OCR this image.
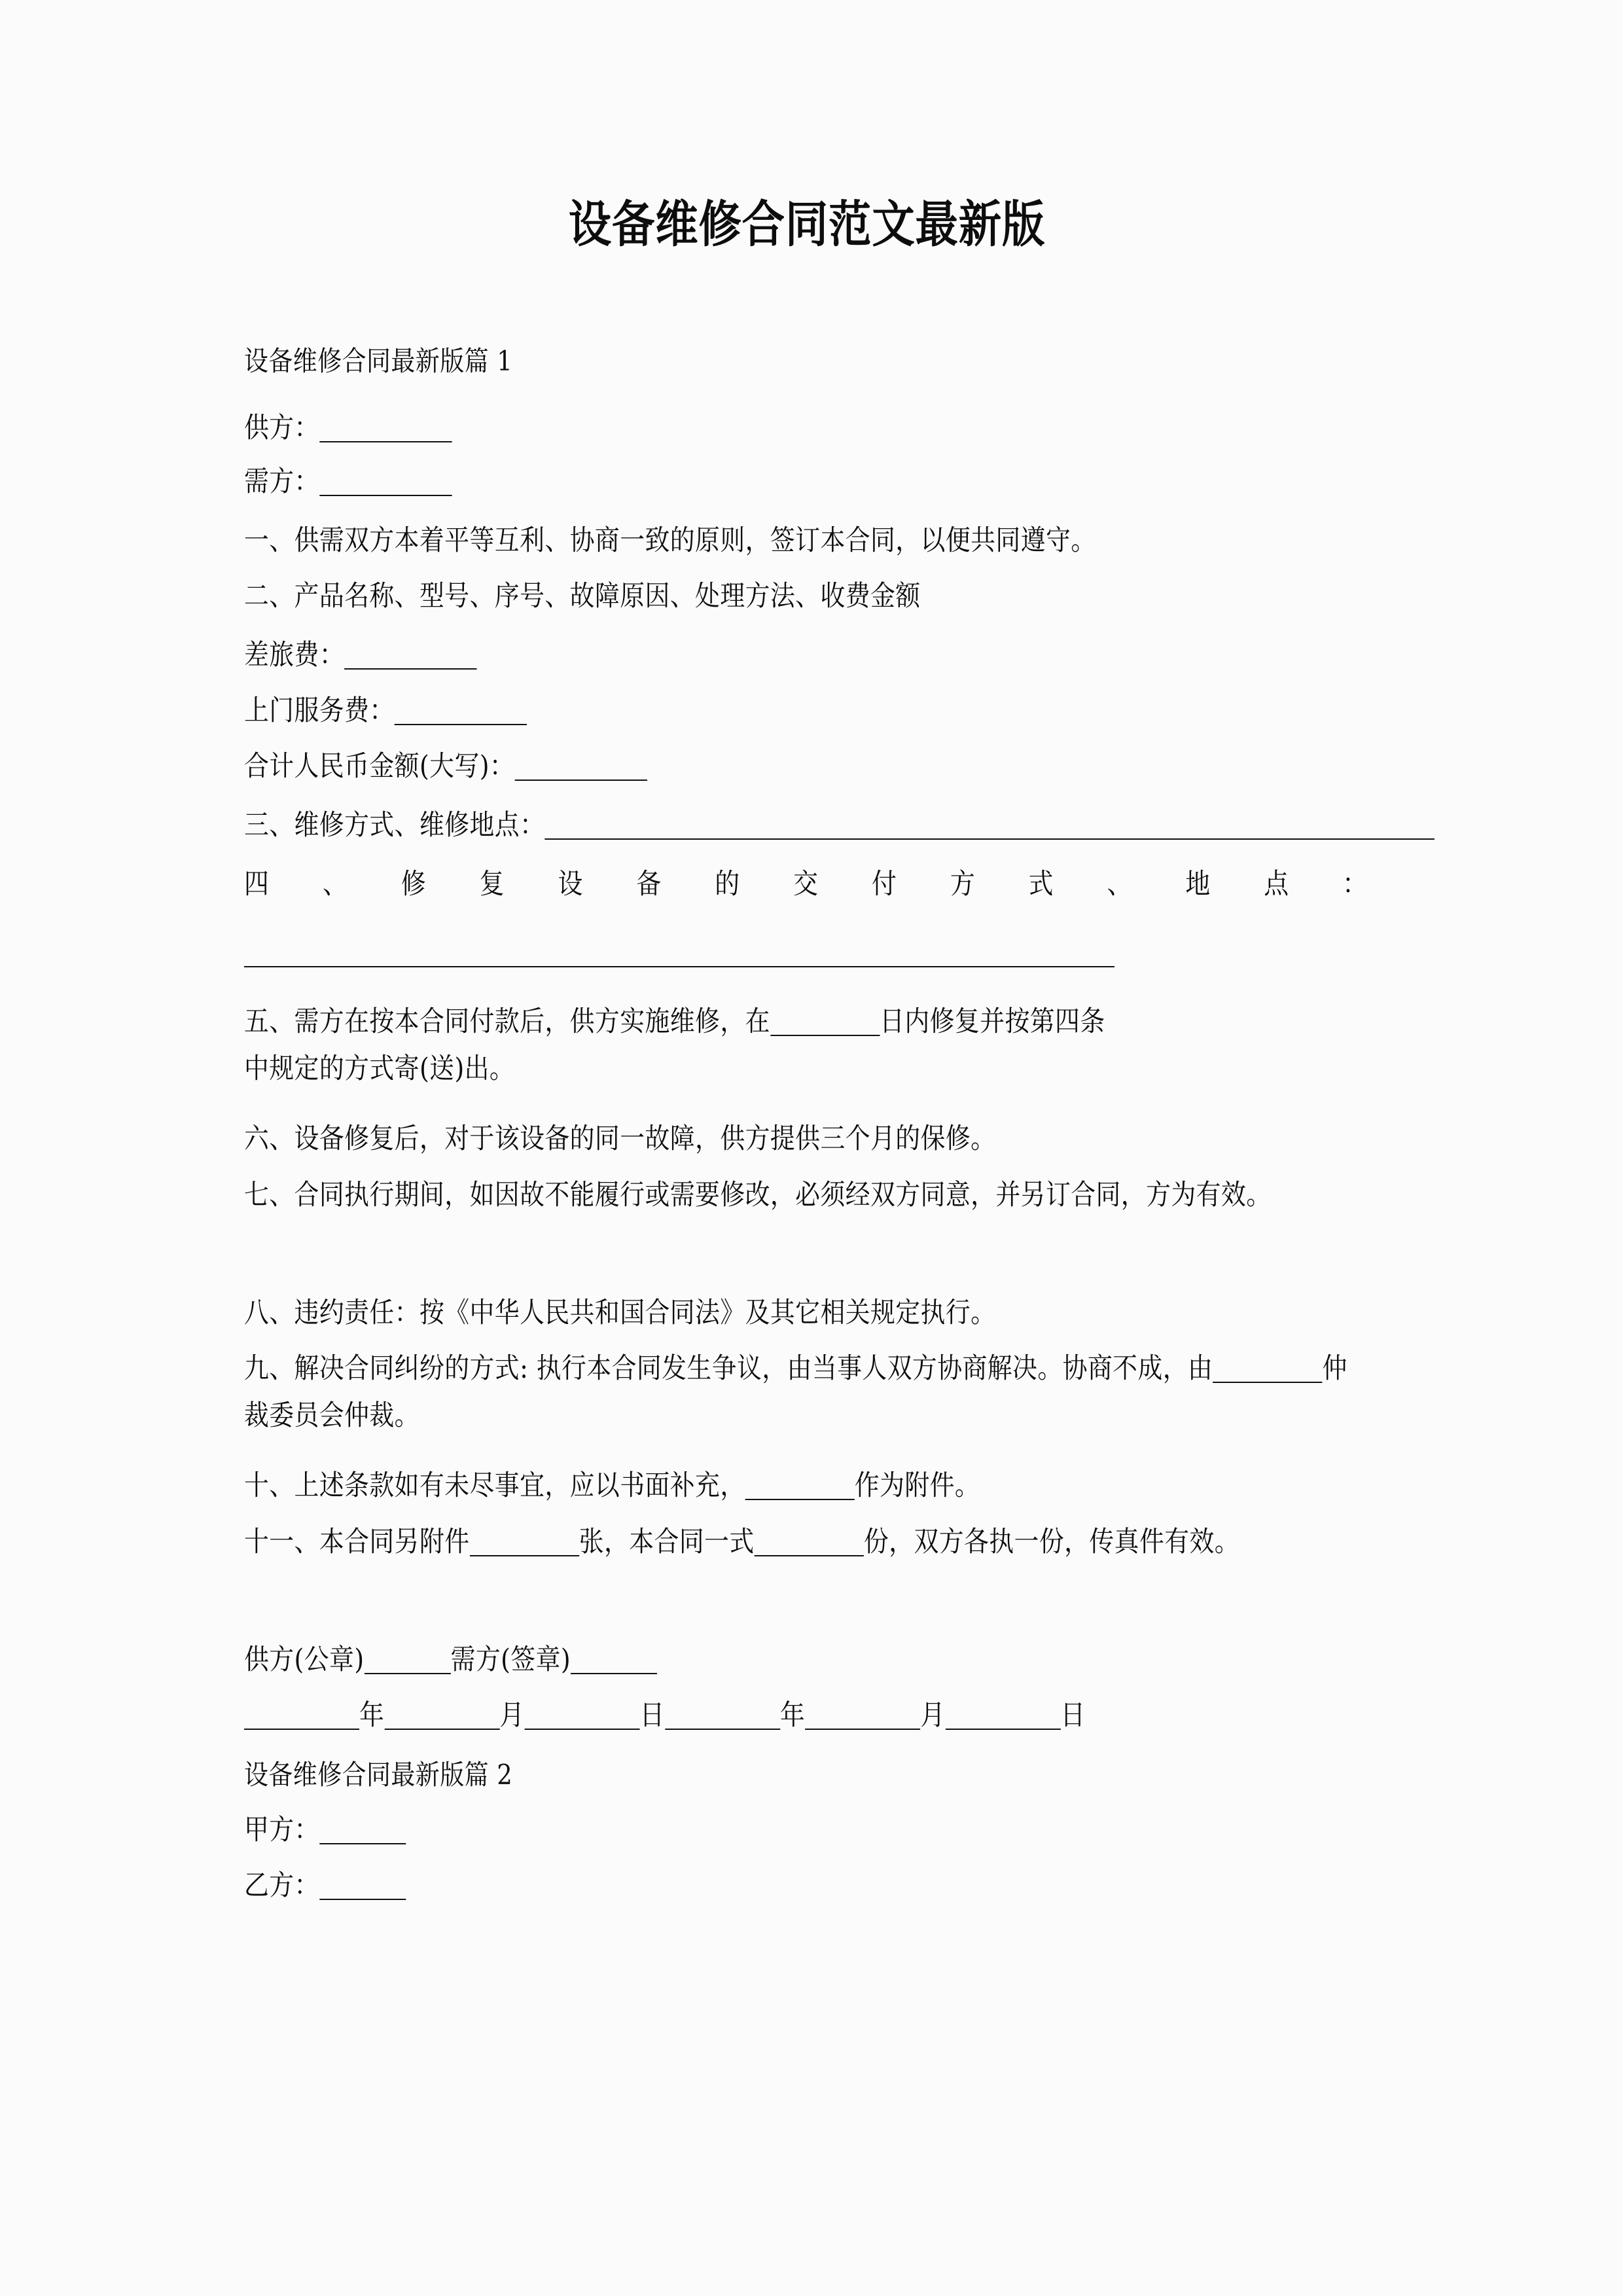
设备维修合同范文最新版
设备维修合同最新版篇 1
供方：
需方：
一、供需双方本着平等互利、协商一致的原则，签订本合同，以便共同遵守。
二、产品名称、型号、序号、故障原因、处理方法、收费金额
差旅费：
上门服务费：
合计人民币金额(大写)：
三、维修方式、维修地点：
四、修复设备的交付方式、地点：
五、需方在按本合同付款后，供方实施维修，在	日内修复并按第四条
中规定的方式寄(送)出。
六、设备修复后，对于该设备的同一故障，供方提供三个月的保修。
七、合同执行期间，如因故不能履行或需要修改，必须经双方同意，并另订合同，方为有效。
八、违约责任：按《中华人民共和国合同法》及其它相关规定执行。
九、解决合同纠纷的方式: 执行本合同发生争议，由当事人双方协商解决。协商不成，由	仲裁委员会仲裁。
十、上述条款如有未尽事宜，应以书面补充，	作为附件。
十一、本合同另附件	张，本合同一式	份，双方各执一份，传真件有效。
供方(公章)	需方(签章)
年	月	日	年	月	日
设备维修合同最新版篇 2
甲方：
乙方：
